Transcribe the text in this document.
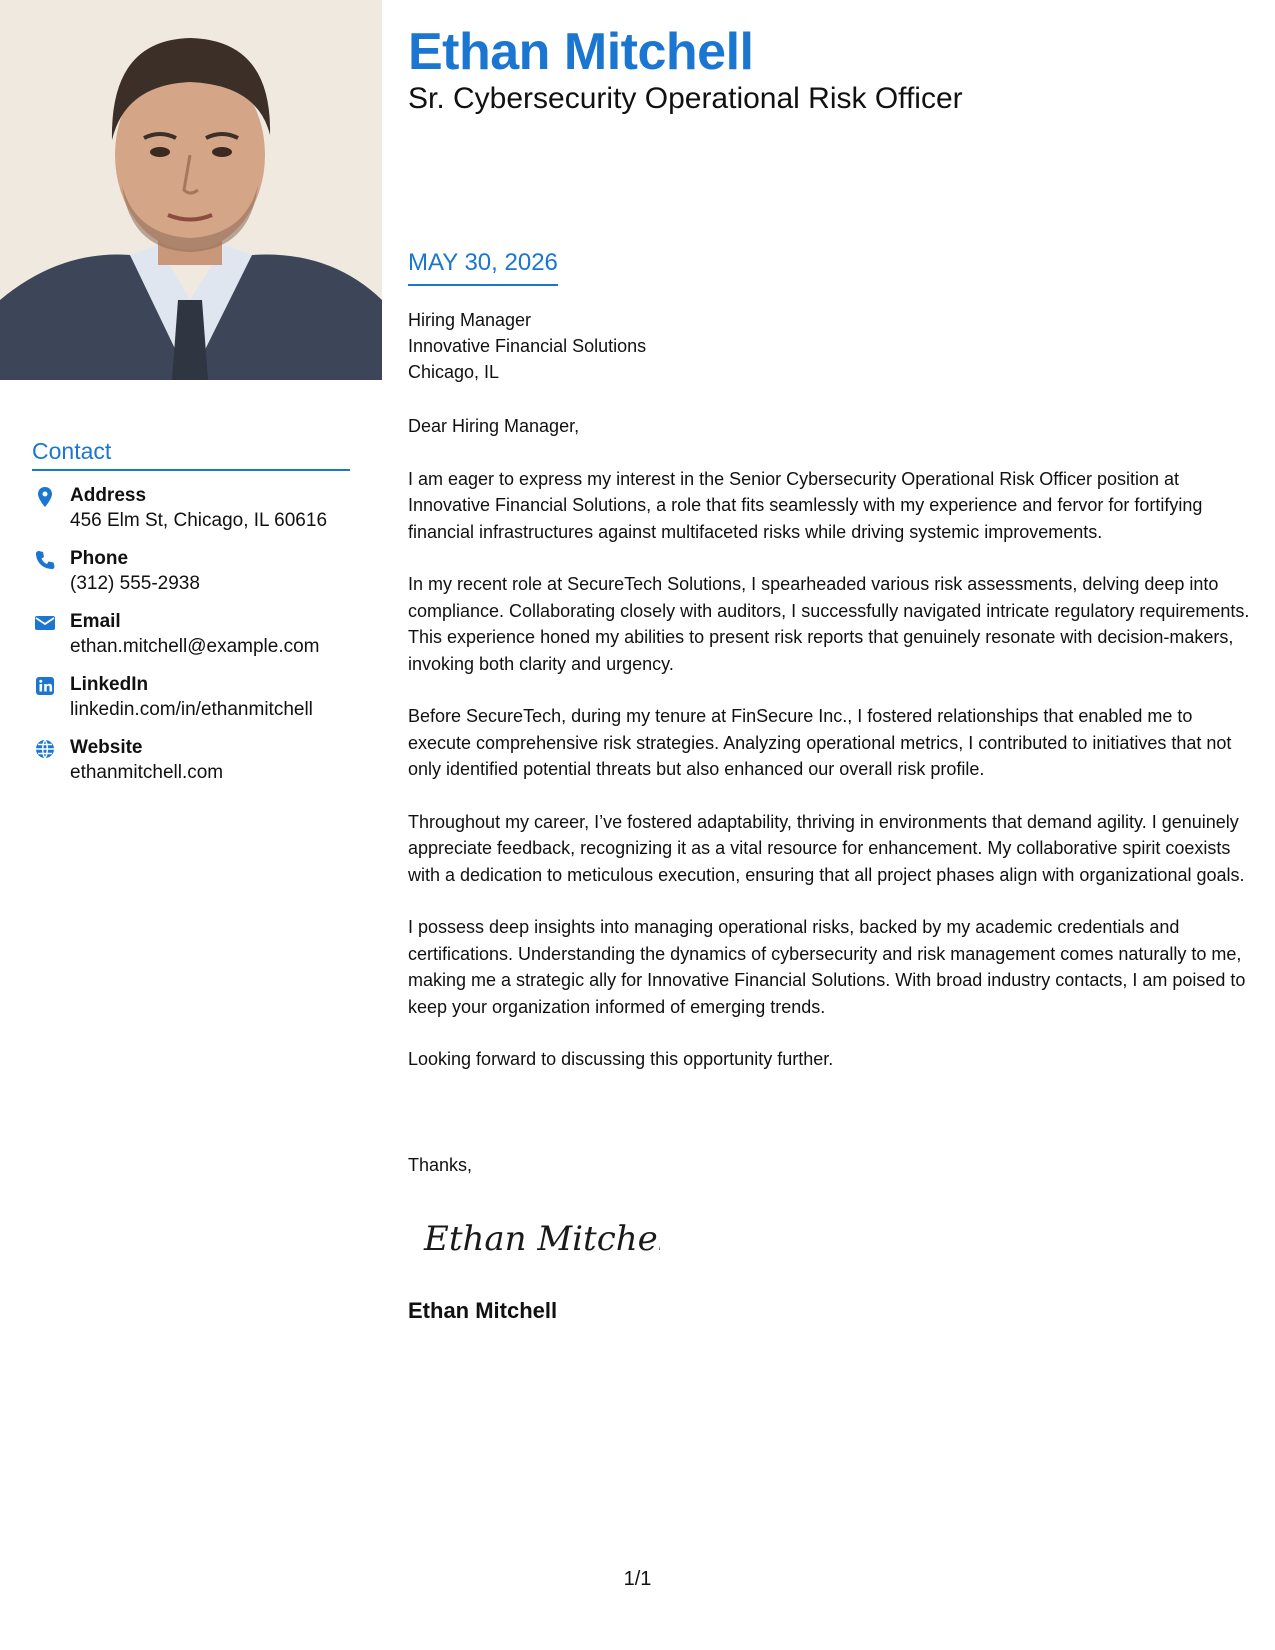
Contact
Address
456 Elm St, Chicago, IL 60616
Phone
(312) 555-2938
Email
ethan.mitchell@example.com
LinkedIn
linkedin.com/in/ethanmitchell
Website
ethanmitchell.com
Ethan Mitchell
Sr. Cybersecurity Operational Risk Officer
MAY 30, 2026
Hiring Manager
Innovative Financial Solutions
Chicago, IL

Dear Hiring Manager,

I am eager to express my interest in the Senior Cybersecurity Operational Risk Officer position at Innovative Financial Solutions, a role that fits seamlessly with my experience and fervor for fortifying financial infrastructures against multifaceted risks while driving systemic improvements.

In my recent role at SecureTech Solutions, I spearheaded various risk assessments, delving deep into compliance. Collaborating closely with auditors, I successfully navigated intricate regulatory requirements. This experience honed my abilities to present risk reports that genuinely resonate with decision-makers, invoking both clarity and urgency.

Before SecureTech, during my tenure at FinSecure Inc., I fostered relationships that enabled me to execute comprehensive risk strategies. Analyzing operational metrics, I contributed to initiatives that not only identified potential threats but also enhanced our overall risk profile.

Throughout my career, I’ve fostered adaptability, thriving in environments that demand agility. I genuinely appreciate feedback, recognizing it as a vital resource for enhancement. My collaborative spirit coexists with a dedication to meticulous execution, ensuring that all project phases align with organizational goals.

I possess deep insights into managing operational risks, backed by my academic credentials and certifications. Understanding the dynamics of cybersecurity and risk management comes naturally to me, making me a strategic ally for Innovative Financial Solutions. With broad industry contacts, I am poised to keep your organization informed of emerging trends.

Looking forward to discussing this opportunity further.

Thanks,
Ethan Mitchell
Ethan Mitchell
1/1
